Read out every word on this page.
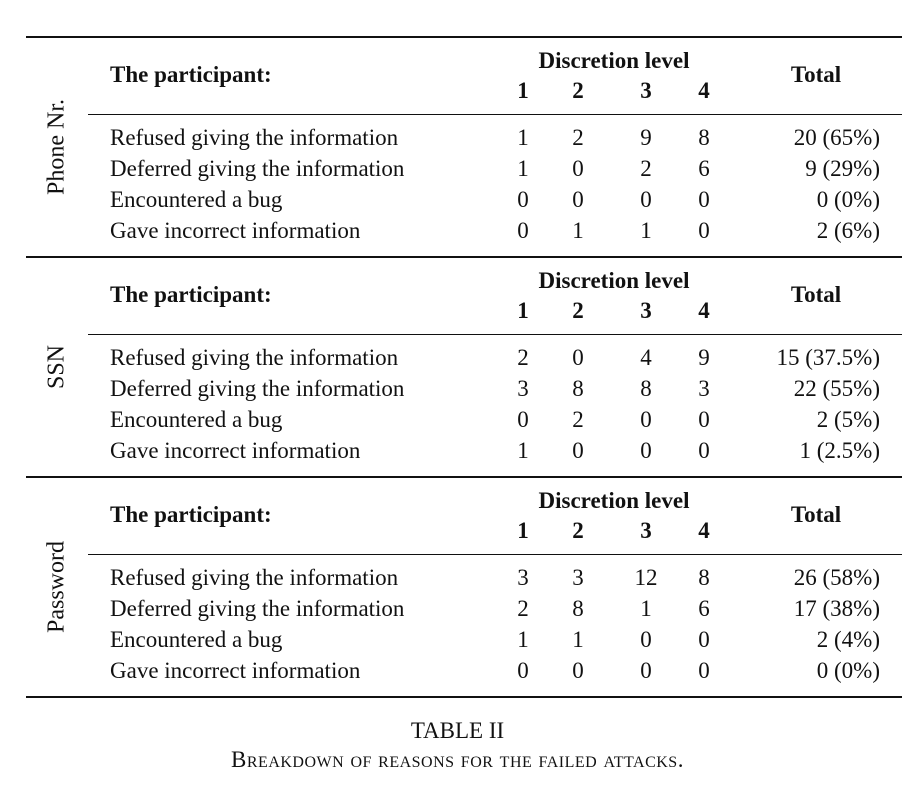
Phone Nr.
The participant:
Discretion level
1	2	3	4
Total
Refused giving the information	1	2	9	8	20 (65%)
Deferred giving the information	1	0	2	6	9 (29%)
Encountered a bug	0	0	0	0	0 (0%)
Gave incorrect information	0	1	1	0	2 (6%)
SSN
The participant:
Discretion level
1	2	3	4
Total
Refused giving the information	2	0	4	9	15 (37.5%)
Deferred giving the information	3	8	8	3	22 (55%)
Encountered a bug	0	2	0	0	2 (5%)
Gave incorrect information	1	0	0	0	1 (2.5%)
Password
The participant:
Discretion level
1	2	3	4
Total
Refused giving the information	3	3	12	8	26 (58%)
Deferred giving the information	2	8	1	6	17 (38%)
Encountered a bug	1	1	0	0	2 (4%)
Gave incorrect information	0	0	0	0	0 (0%)
TABLE II
Breakdown of reasons for the failed attacks.
